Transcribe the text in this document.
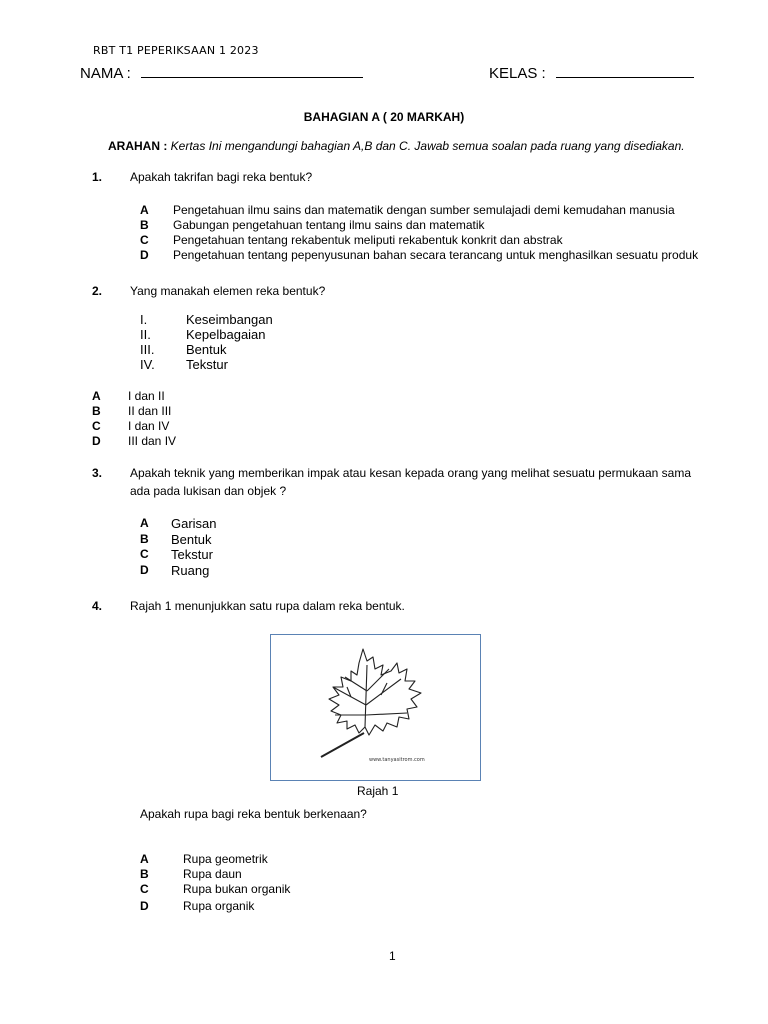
RBT T1 PEPERIKSAAN 1 2023
NAMA :	KELAS :
BAHAGIAN A ( 20 MARKAH)
ARAHAN : Kertas Ini mengandungi bahagian A,B dan C. Jawab semua soalan pada ruang yang disediakan.
1. Apakah takrifan bagi reka bentuk?
A Pengetahuan ilmu sains dan matematik dengan sumber semulajadi demi kemudahan manusia
B Gabungan pengetahuan tentang ilmu sains dan matematik
C Pengetahuan tentang rekabentuk meliputi rekabentuk konkrit dan abstrak
D Pengetahuan tentang pepenyusunan bahan secara terancang untuk menghasilkan sesuatu produk
2. Yang manakah elemen reka bentuk?
I.	Keseimbangan
II.	Kepelbagaian
III. Bentuk
IV. Tekstur
A I dan II
B II dan III
C I dan IV
D III dan IV
3. Apakah teknik yang memberikan impak atau kesan kepada orang yang melihat sesuatu permukaan sama
ada pada lukisan dan objek ?
A Garisan
B Bentuk
C Tekstur
D Ruang
4. Rajah 1 menunjukkan satu rupa dalam reka bentuk.
www.tanyasitrom.com
Rajah 1
Apakah rupa bagi reka bentuk berkenaan?
A	Rupa geometrik
B	Rupa daun
C	Rupa bukan organik
D	Rupa organik
1
